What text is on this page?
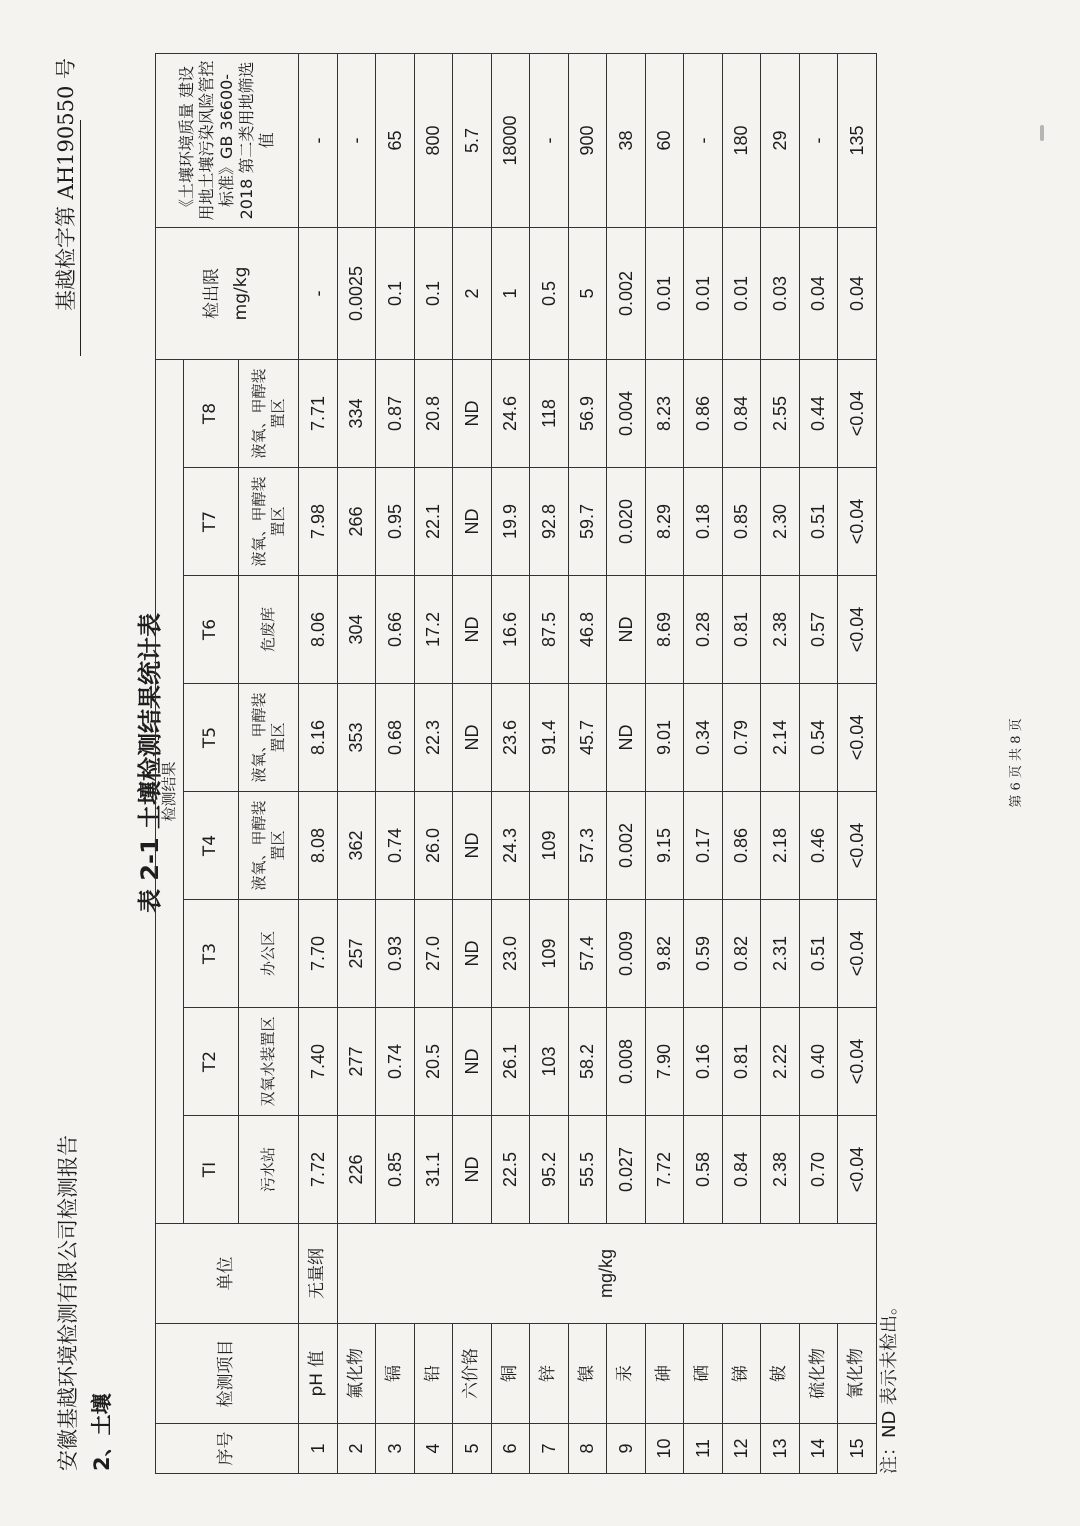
安徽基越环境检测有限公司检测报告 2、土壤
基越检字第 AH190550 号
表 2-1 土壤检测结果统计表
序号	检测项目	单位	检测结果								检出限 mg/kg	《土壤环境质量 建设用地土壤污染风险管控标准》GB 36600-2018 第二类用地筛选值
			TI	T2	T3	T4	T5	T6	T7	T8		
			污水站	双氧水装置区	办公区	液氧、甲醇装置区	液氧、甲醇装置区	危废库	液氧、甲醇装置区	液氧、甲醇装置区		
1	pH 值	无量纲	7.72	7.40	7.70	8.08	8.16	8.06	7.98	7.71	-	-
2	氟化物	mg/kg	226	277	257	362	353	304	266	334	0.0025	-
3	镉		0.85	0.74	0.93	0.74	0.68	0.66	0.95	0.87	0.1	65
4	铅		31.1	20.5	27.0	26.0	22.3	17.2	22.1	20.8	0.1	800
5	六价铬		ND	ND	ND	ND	ND	ND	ND	ND	2	5.7
6	铜		22.5	26.1	23.0	24.3	23.6	16.6	19.9	24.6	1	18000
7	锌		95.2	103	109	109	91.4	87.5	92.8	118	0.5	-
8	镍		55.5	58.2	57.4	57.3	45.7	46.8	59.7	56.9	5	900
9	汞		0.027	0.008	0.009	0.002	ND	ND	0.020	0.004	0.002	38
10	砷		7.72	7.90	9.82	9.15	9.01	8.69	8.29	8.23	0.01	60
11	硒		0.58	0.16	0.59	0.17	0.34	0.28	0.18	0.86	0.01	-
12	锑		0.84	0.81	0.82	0.86	0.79	0.81	0.85	0.84	0.01	180
13	铍		2.38	2.22	2.31	2.18	2.14	2.38	2.30	2.55	0.03	29
14	硫化物		0.70	0.40	0.51	0.46	0.54	0.57	0.51	0.44	0.04	-
15	氰化物		<0.04	<0.04	<0.04	<0.04	<0.04	<0.04	<0.04	<0.04	0.04	135
注：ND 表示未检出。
第 6 页 共 8 页
